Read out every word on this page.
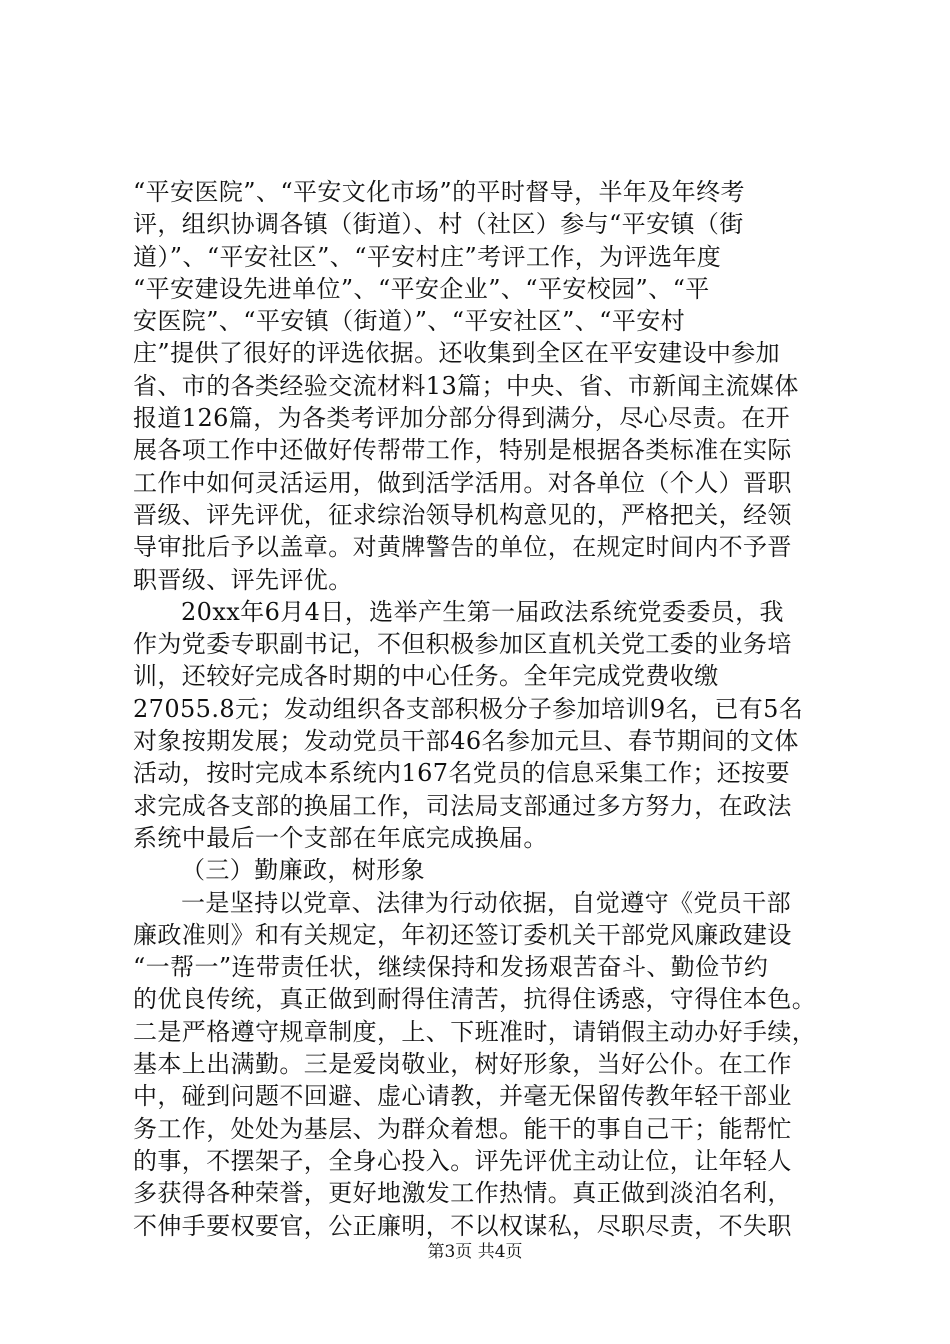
“平安医院”、“平安文化市场”的平时督导，半年及年终考
评，组织协调各镇（街道）、村（社区）参与“平安镇（街
道）”、“平安社区”、“平安村庄”考评工作，为评选年度
“平安建设先进单位”、“平安企业”、“平安校园”、“平
安医院”、“平安镇（街道）”、“平安社区”、“平安村
庄”提供了很好的评选依据。还收集到全区在平安建设中参加
省、市的各类经验交流材料13篇；中央、省、市新闻主流媒体
报道126篇，为各类考评加分部分得到满分，尽心尽责。在开
展各项工作中还做好传帮带工作，特别是根据各类标准在实际
工作中如何灵活运用，做到活学活用。对各单位（个人）晋职
晋级、评先评优，征求综治领导机构意见的，严格把关，经领
导审批后予以盖章。对黄牌警告的单位，在规定时间内不予晋
职晋级、评先评优。
20xx年6月4日，选举产生第一届政法系统党委委员，我
作为党委专职副书记，不但积极参加区直机关党工委的业务培
训，还较好完成各时期的中心任务。全年完成党费收缴
27055.8元；发动组织各支部积极分子参加培训9名，已有5名
对象按期发展；发动党员干部46名参加元旦、春节期间的文体
活动，按时完成本系统内167名党员的信息采集工作；还按要
求完成各支部的换届工作，司法局支部通过多方努力，在政法
系统中最后一个支部在年底完成换届。
（三）勤廉政，树形象
一是坚持以党章、法律为行动依据，自觉遵守《党员干部
廉政准则》和有关规定，年初还签订委机关干部党风廉政建设
“一帮一”连带责任状，继续保持和发扬艰苦奋斗、勤俭节约
的优良传统，真正做到耐得住清苦，抗得住诱惑，守得住本色。
二是严格遵守规章制度，上、下班准时，请销假主动办好手续，
基本上出满勤。三是爱岗敬业，树好形象，当好公仆。在工作
中，碰到问题不回避、虚心请教，并毫无保留传教年轻干部业
务工作，处处为基层、为群众着想。能干的事自己干；能帮忙
的事，不摆架子，全身心投入。评先评优主动让位，让年轻人
多获得各种荣誉，更好地激发工作热情。真正做到淡泊名利，
不伸手要权要官，公正廉明，不以权谋私，尽职尽责，不失职
第3页 共4页
